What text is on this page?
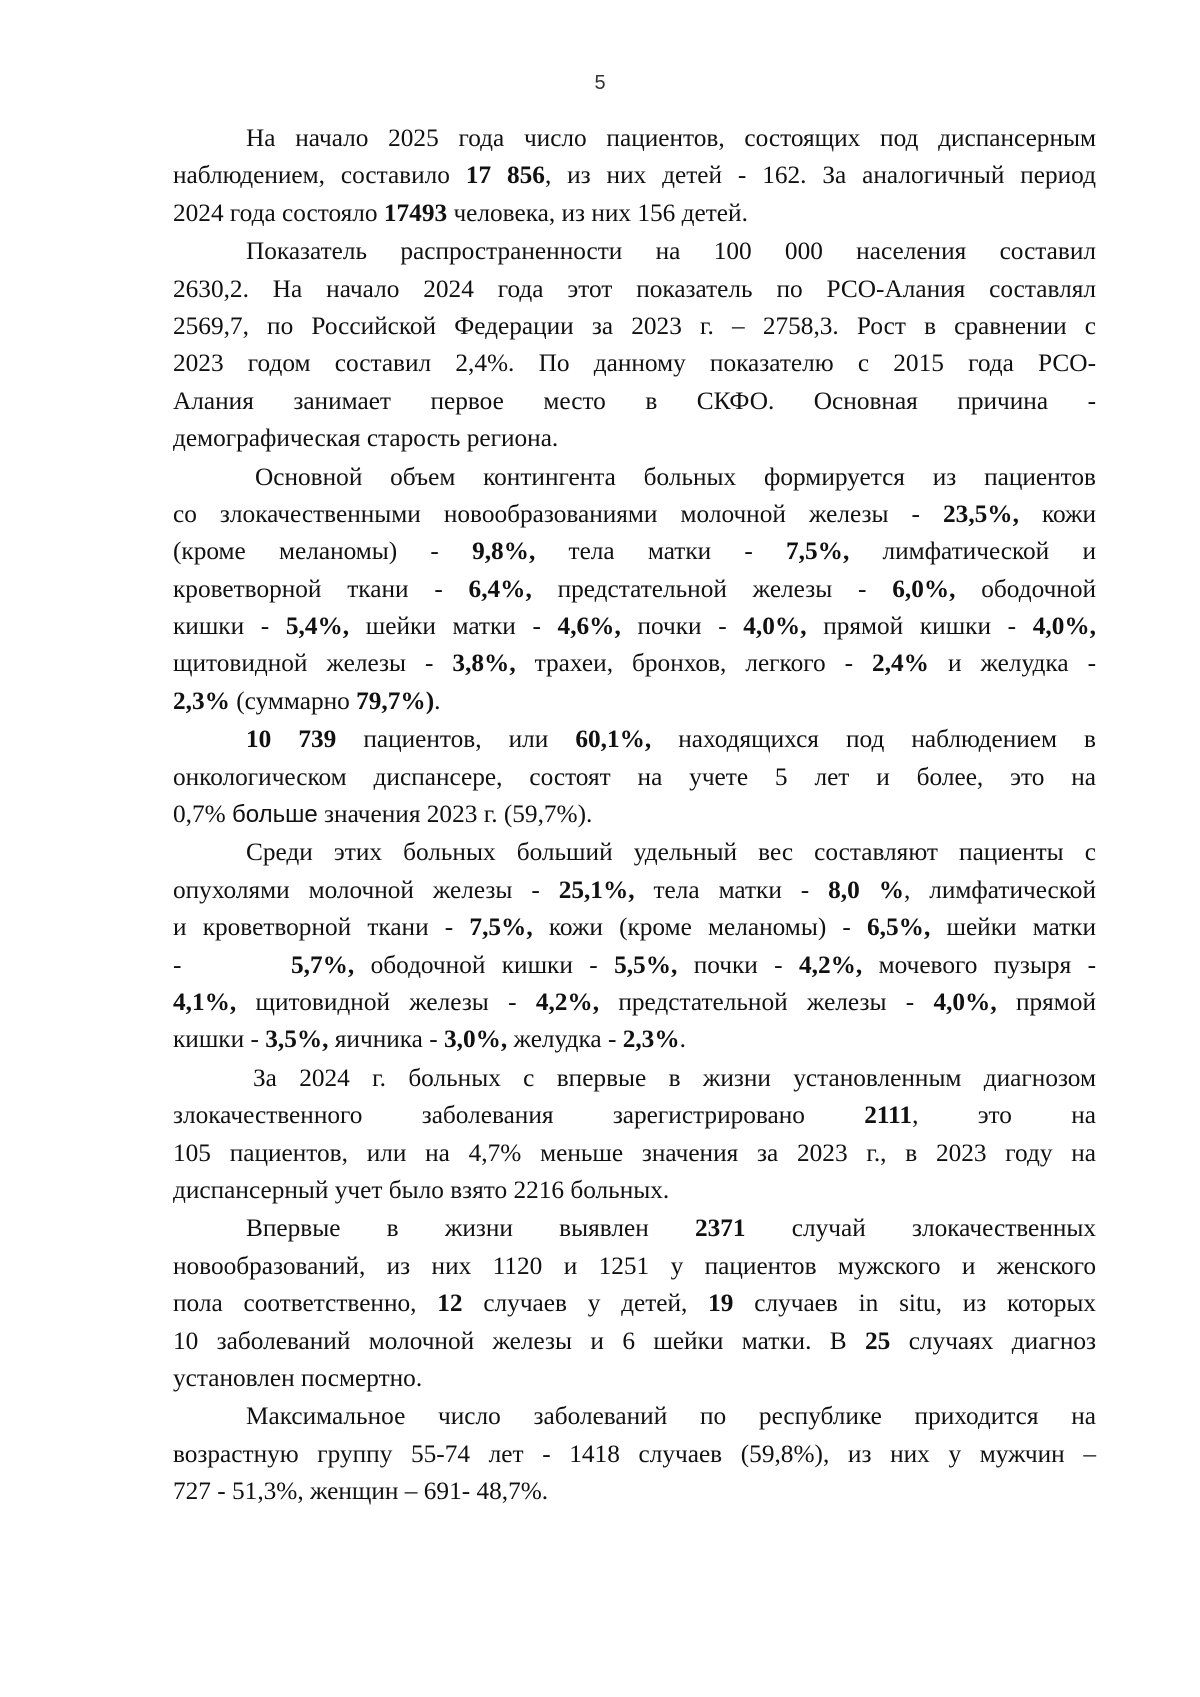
5
На начало 2025 года число пациентов, состоящих под диспансерным
наблюдением, составило 17 856, из них детей - 162. За аналогичный период
2024 года состояло 17493 человека, из них 156 детей.
Показатель распространенности на 100 000 населения составил
2630,2. На начало 2024 года этот показатель по РСО-Алания составлял
2569,7, по Российской Федерации за 2023 г. – 2758,3. Рост в сравнении с
2023 годом составил 2,4%. По данному показателю с 2015 года РСО-
Алания занимает первое место в СКФО. Основная причина -
демографическая старость региона.
Основной объем контингента больных формируется из пациентов
со злокачественными новообразованиями молочной железы - 23,5%, кожи
(кроме меланомы) - 9,8%, тела матки - 7,5%, лимфатической и
кроветворной ткани - 6,4%, предстательной железы - 6,0%, ободочной
кишки - 5,4%, шейки матки - 4,6%, почки - 4,0%, прямой кишки - 4,0%,
щитовидной железы - 3,8%, трахеи, бронхов, легкого - 2,4% и желудка -
2,3% (суммарно 79,7%).
10 739 пациентов, или 60,1%, находящихся под наблюдением в
онкологическом диспансере, состоят на учете 5 лет и более, это на
0,7% больше значения 2023 г. (59,7%).
Среди этих больных больший удельный вес составляют пациенты с
опухолями молочной железы - 25,1%, тела матки - 8,0 %, лимфатической
и кроветворной ткани - 7,5%, кожи (кроме меланомы) - 6,5%, шейки матки
-	5,7%, ободочной кишки - 5,5%, почки - 4,2%, мочевого пузыря -
4,1%, щитовидной железы - 4,2%, предстательной железы - 4,0%, прямой
кишки - 3,5%, яичника - 3,0%, желудка - 2,3%.
За 2024 г. больных с впервые в жизни установленным диагнозом
злокачественного заболевания зарегистрировано 2111, это на
105 пациентов, или на 4,7% меньше значения за 2023 г., в 2023 году на
диспансерный учет было взято 2216 больных.
Впервые в жизни выявлен 2371 случай злокачественных
новообразований, из них 1120 и 1251 у пациентов мужского и женского
пола соответственно, 12 случаев у детей, 19 случаев in situ, из которых
10 заболеваний молочной железы и 6 шейки матки. В 25 случаях диагноз
установлен посмертно.
Максимальное число заболеваний по республике приходится на
возрастную группу 55-74 лет - 1418 случаев (59,8%), из них у мужчин –
727 - 51,3%, женщин – 691- 48,7%.
